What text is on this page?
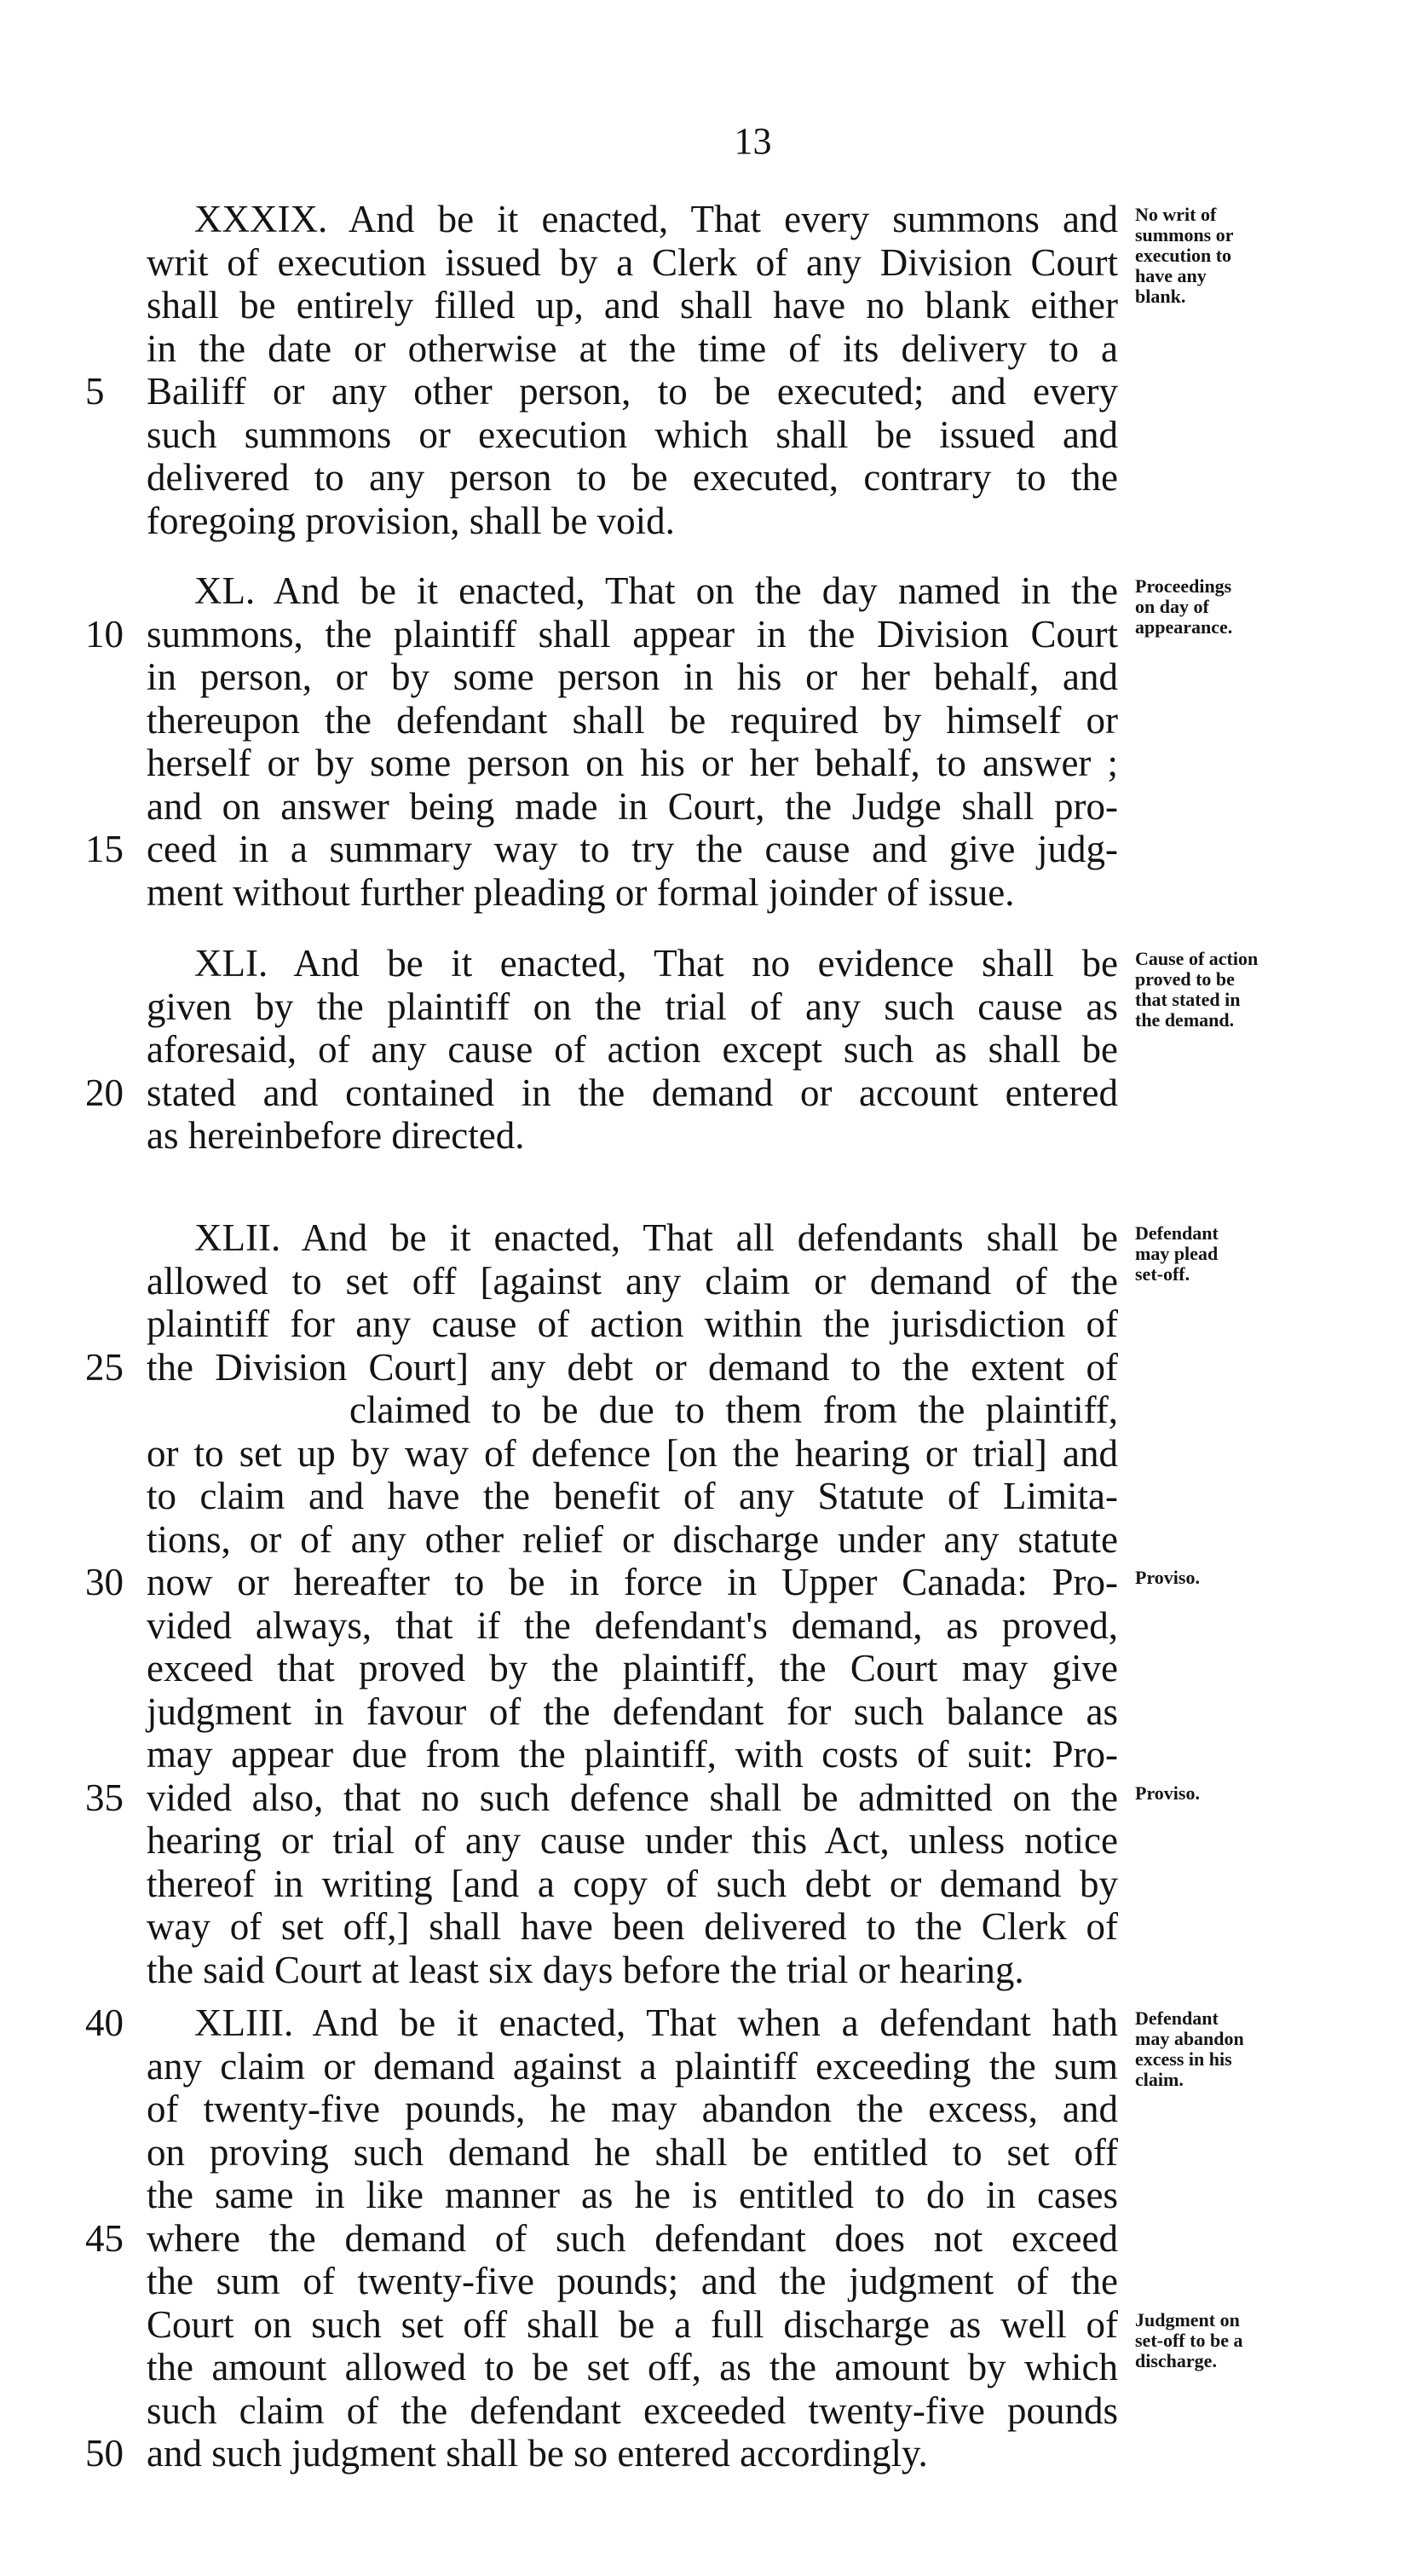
13
XXXIX. And be it enacted, That every summons and
writ of execution issued by a Clerk of any Division Court
shall be entirely filled up, and shall have no blank either
in the date or otherwise at the time of its delivery to a
5	Bailiff or any other person, to be executed; and every
such summons or execution which shall be issued and
delivered to any person to be executed, contrary to the
foregoing provision, shall be void.
No writ of
summons or
execution to
have any
blank.
XL. And be it enacted, That on the day named in the
10 summons, the plaintiff shall appear in the Division Court
in person, or by some person in his or her behalf, and
thereupon the defendant shall be required by himself or
herself or by some person on his or her behalf, to answer ;
and on answer being made in Court, the Judge shall pro-
15 ceed in a summary way to try the cause and give judg-
ment without further pleading or formal joinder of issue.
Proceedings
on day of
appearance.
XLI. And be it enacted, That no evidence shall be
given by the plaintiff on the trial of any such cause as
aforesaid, of any cause of action except such as shall be
20 stated and contained in the demand or account entered
as hereinbefore directed.
Cause of action
proved to be
that stated in
the demand.
XLII. And be it enacted, That all defendants shall be
allowed to set off [against any claim or demand of the
plaintiff for any cause of action within the jurisdiction of
25 the Division Court] any debt or demand to the extent of
claimed to be due to them from the plaintiff,
or to set up by way of defence [on the hearing or trial] and
to claim and have the benefit of any Statute of Limita-
tions, or of any other relief or discharge under any statute
30 now or hereafter to be in force in Upper Canada: Pro-
vided always, that if the defendant's demand, as proved,
exceed that proved by the plaintiff, the Court may give
judgment in favour of the defendant for such balance as
may appear due from the plaintiff, with costs of suit: Pro-
35 vided also, that no such defence shall be admitted on the
hearing or trial of any cause under this Act, unless notice
thereof in writing [and a copy of such debt or demand by
way of set off,] shall have been delivered to the Clerk of
the said Court at least six days before the trial or hearing.
Defendant
may plead
set-off.
Proviso.
Proviso.
40	XLIII. And be it enacted, That when a defendant hath
any claim or demand against a plaintiff exceeding the sum
of twenty-five pounds, he may abandon the excess, and
on proving such demand he shall be entitled to set off
the same in like manner as he is entitled to do in cases
45 where the demand of such defendant does not exceed
the sum of twenty-five pounds; and the judgment of the
Court on such set off shall be a full discharge as well of
the amount allowed to be set off, as the amount by which
such claim of the defendant exceeded twenty-five pounds
50 and such judgment shall be so entered accordingly.
Defendant
may abandon
excess in his
claim.
Judgment on
set-off to be a
discharge.
